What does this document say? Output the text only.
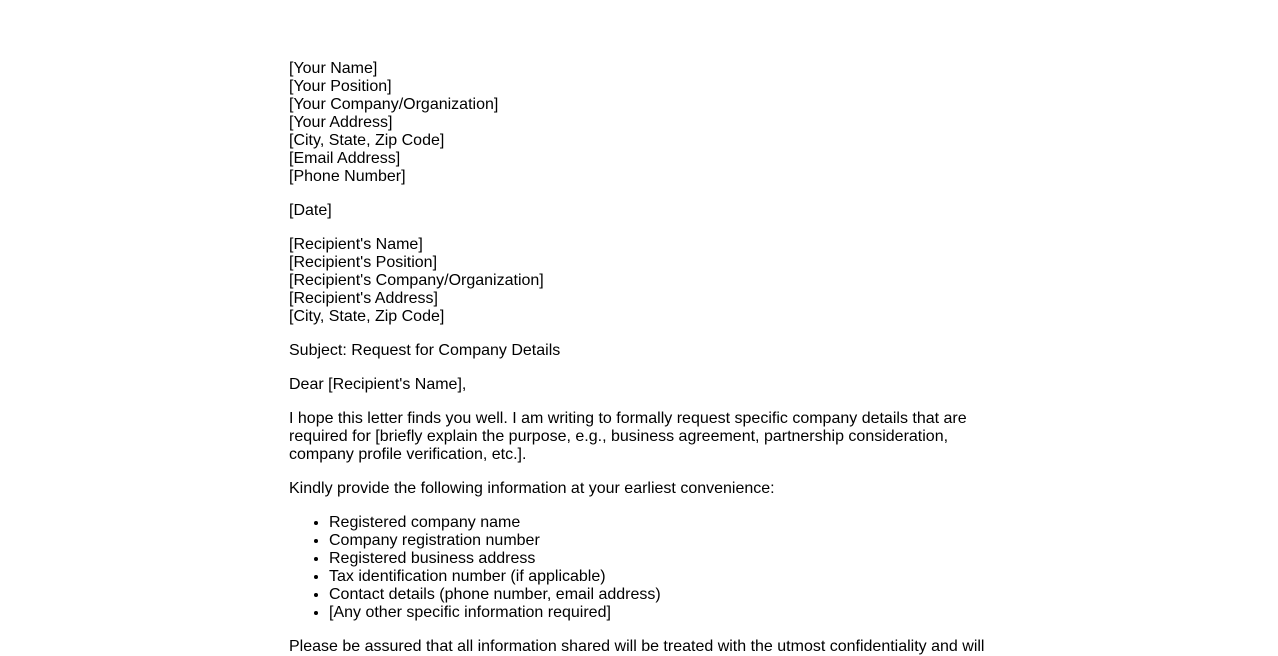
[Your Name]
[Your Position]
[Your Company/Organization]
[Your Address]
[City, State, Zip Code]
[Email Address]
[Phone Number]

[Date]

[Recipient's Name]
[Recipient's Position]
[Recipient's Company/Organization]
[Recipient's Address]
[City, State, Zip Code]

Subject: Request for Company Details

Dear [Recipient's Name],

I hope this letter finds you well. I am writing to formally request specific company details that are required for [briefly explain the purpose, e.g., business agreement, partnership consideration, company profile verification, etc.].

Kindly provide the following information at your earliest convenience:

• Registered company name
• Company registration number
• Registered business address
• Tax identification number (if applicable)
• Contact details (phone number, email address)
• [Any other specific information required]

Please be assured that all information shared will be treated with the utmost confidentiality and will
